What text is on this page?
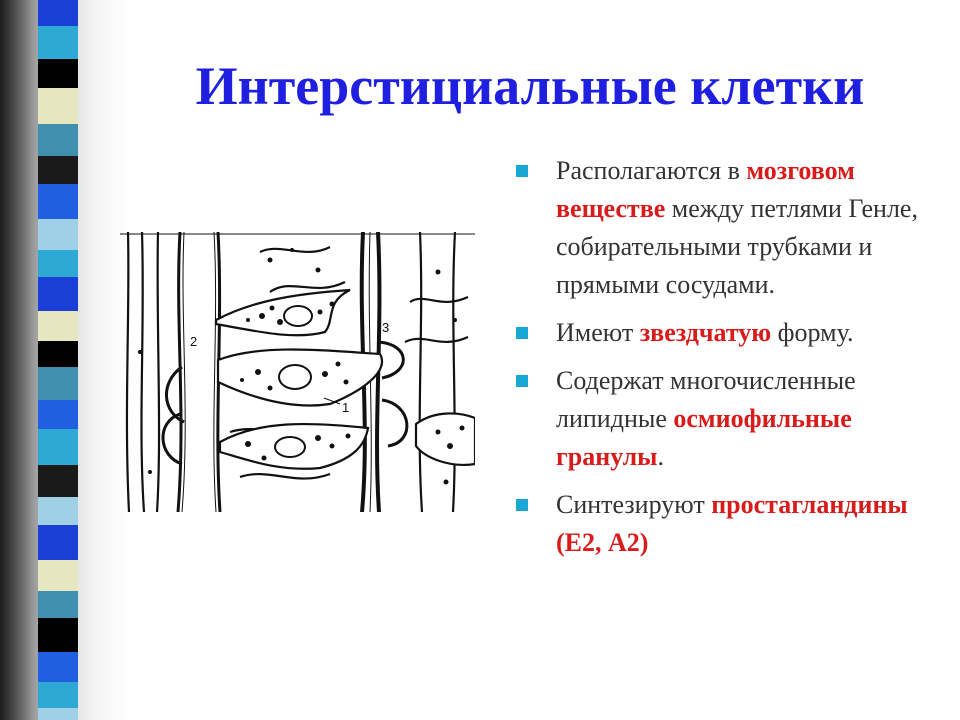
Интерстициальные клетки
2
3
1
Располагаются в мозговом веществе между петлями Генле, собирательными трубками и прямыми сосудами.
Имеют звездчатую форму.
Содержат многочисленные липидные осмиофильные гранулы.
Синтезируют простагландины (Е2, А2)
